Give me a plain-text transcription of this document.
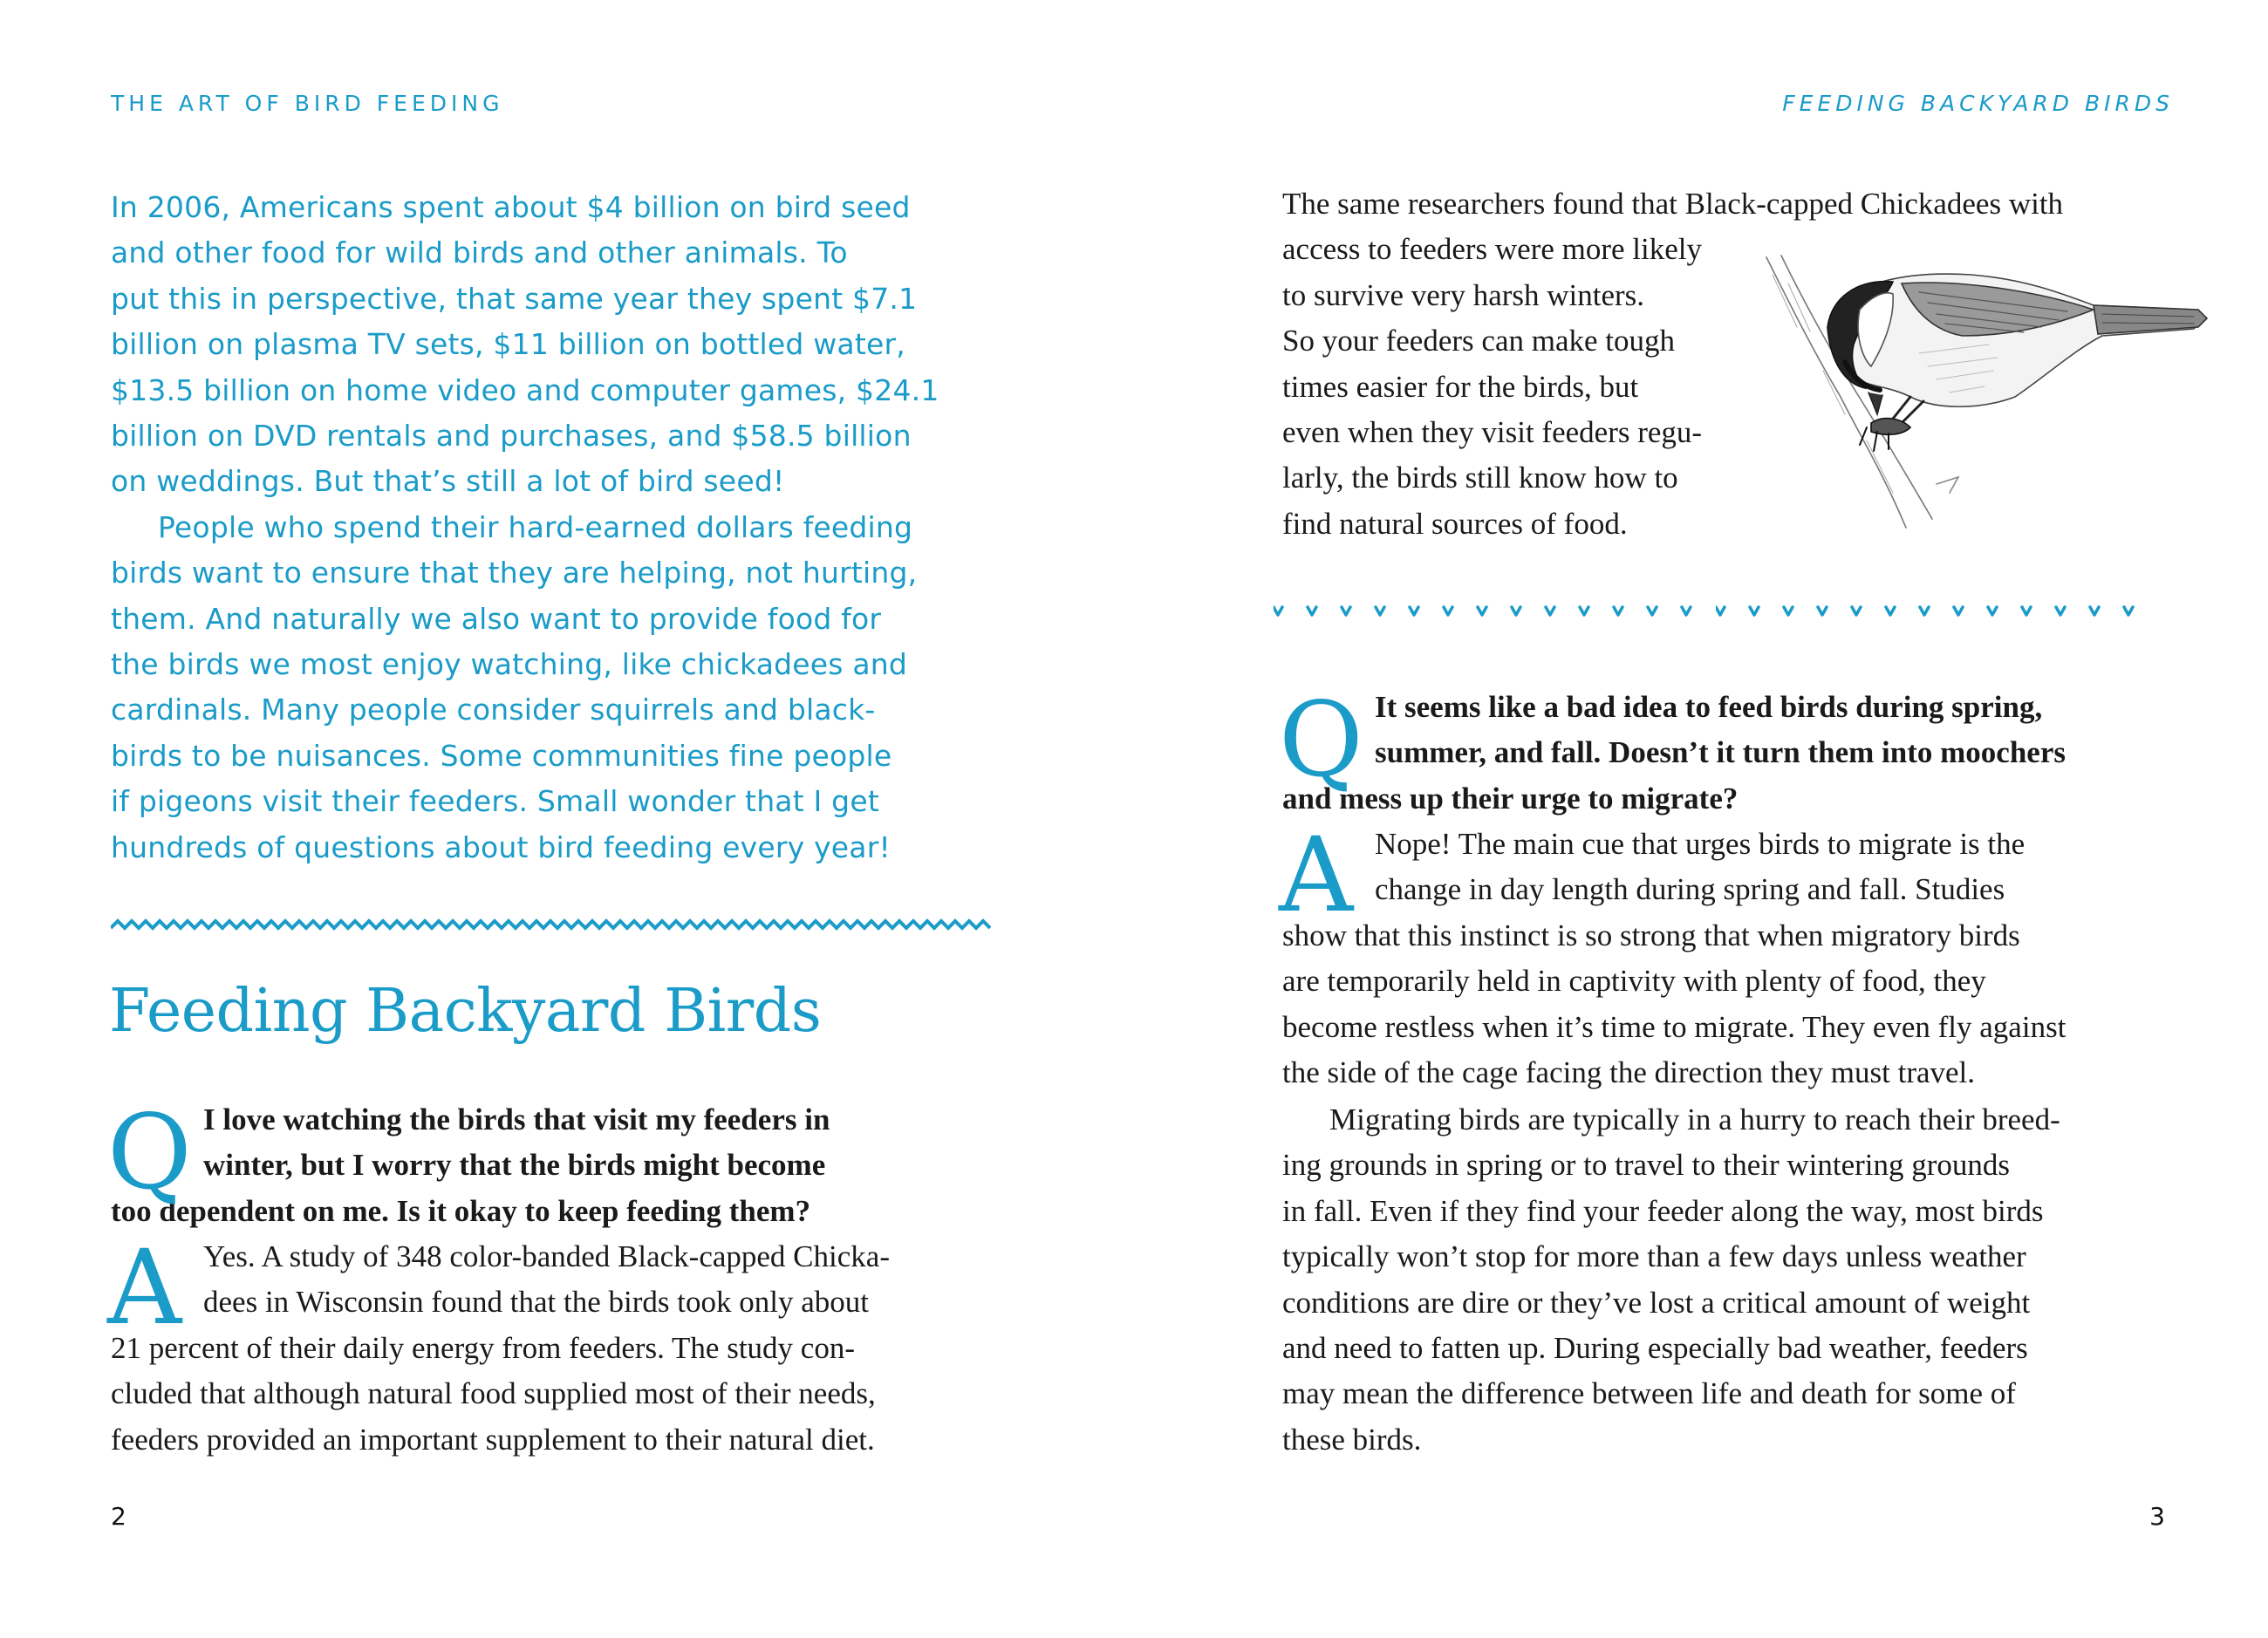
THE ART OF BIRD FEEDING
In 2006, Americans spent about $4 billion on bird seed
and other food for wild birds and other animals. To
put this in perspective, that same year they spent $7.1
billion on plasma TV sets, $11 billion on bottled water,
$13.5 billion on home video and computer games, $24.1
billion on DVD rentals and purchases, and $58.5 billion
on weddings. But that’s still a lot of bird seed!
People who spend their hard-earned dollars feeding
birds want to ensure that they are helping, not hurting,
them. And naturally we also want to provide food for
the birds we most enjoy watching, like chickadees and
cardinals. Many people consider squirrels and black-
birds to be nuisances. Some communities fine people
if pigeons visit their feeders. Small wonder that I get
hundreds of questions about bird feeding every year!
Feeding Backyard Birds
Q I love watching the birds that visit my feeders in
winter, but I worry that the birds might become
too dependent on me. Is it okay to keep feeding them?
A Yes. A study of 348 color-banded Black-capped Chicka-
dees in Wisconsin found that the birds took only about
21 percent of their daily energy from feeders. The study con-
cluded that although natural food supplied most of their needs,
feeders provided an important supplement to their natural diet.
2
FEEDING BACKYARD BIRDS
The same researchers found that Black-capped Chickadees with
access to feeders were more likely
to survive very harsh winters.
So your feeders can make tough
times easier for the birds, but
even when they visit feeders regu-
larly, the birds still know how to
find natural sources of food.
Q It seems like a bad idea to feed birds during spring,
summer, and fall. Doesn’t it turn them into moochers
and mess up their urge to migrate?
A Nope! The main cue that urges birds to migrate is the
change in day length during spring and fall. Studies
show that this instinct is so strong that when migratory birds
are temporarily held in captivity with plenty of food, they
become restless when it’s time to migrate. They even fly against
the side of the cage facing the direction they must travel.
Migrating birds are typically in a hurry to reach their breed-
ing grounds in spring or to travel to their wintering grounds
in fall. Even if they find your feeder along the way, most birds
typically won’t stop for more than a few days unless weather
conditions are dire or they’ve lost a critical amount of weight
and need to fatten up. During especially bad weather, feeders
may mean the difference between life and death for some of
these birds.
3
